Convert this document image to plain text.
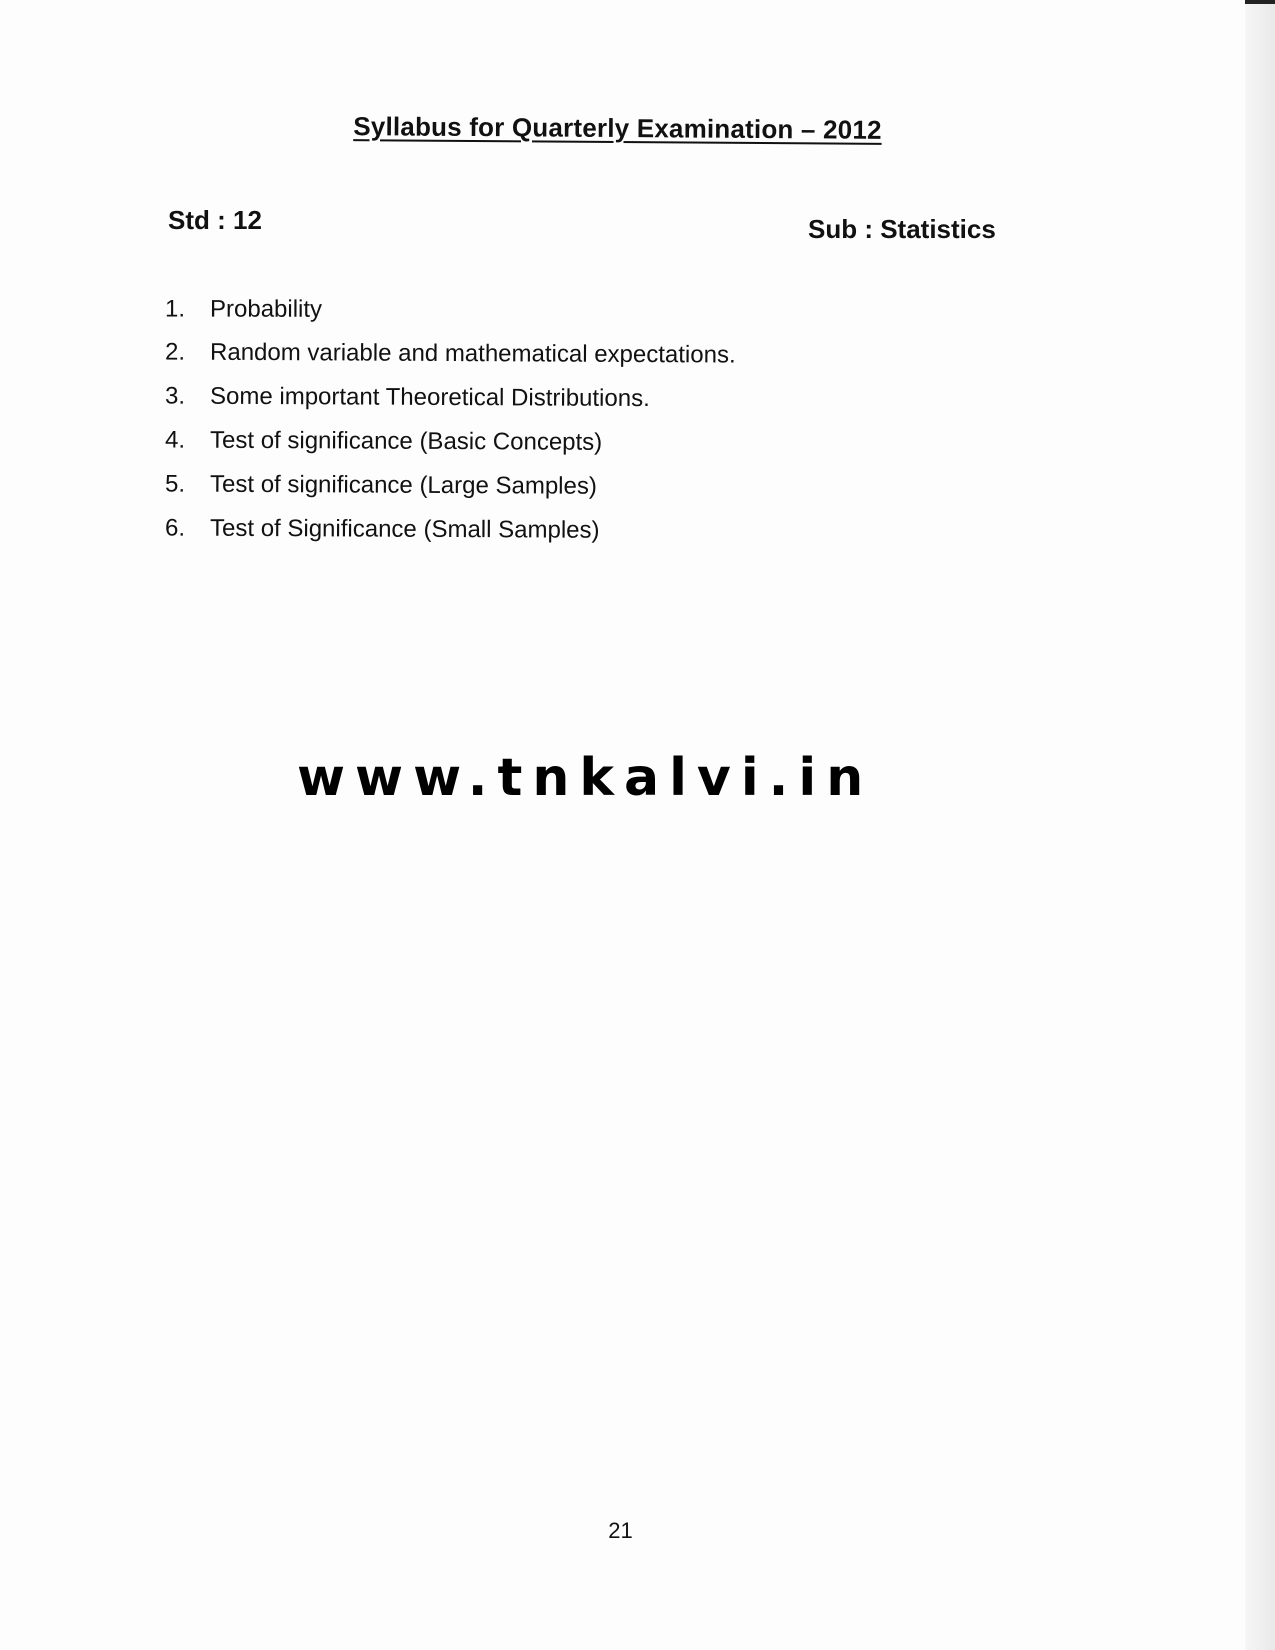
Syllabus for Quarterly Examination – 2012
Std : 12	Sub : Statistics
1.	Probability
2.	Random variable and mathematical expectations.
3.	Some important Theoretical Distributions.
4.	Test of significance (Basic Concepts)
5.	Test of significance (Large Samples)
6.	Test of Significance (Small Samples)
www.tnkalvi.in
21
